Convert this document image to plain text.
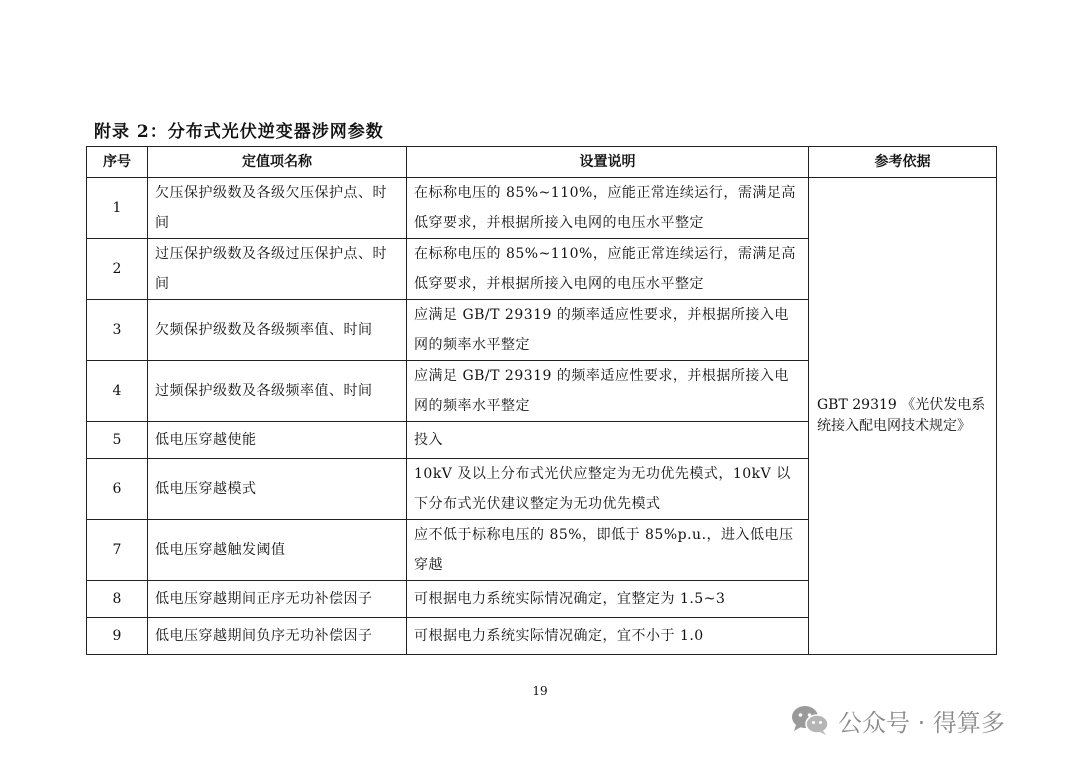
附录 2：分布式光伏逆变器涉网参数
序号	定值项名称	设置说明	参考依据
1	欠压保护级数及各级欠压保护点、时间	在标称电压的 85%~110%，应能正常连续运行，需满足高低穿要求，并根据所接入电网的电压水平整定	GBT 29319 《光伏发电系统接入配电网技术规定》
2	过压保护级数及各级过压保护点、时间	在标称电压的 85%~110%，应能正常连续运行，需满足高低穿要求，并根据所接入电网的电压水平整定	
3	欠频保护级数及各级频率值、时间	应满足 GB/T 29319 的频率适应性要求，并根据所接入电网的频率水平整定	
4	过频保护级数及各级频率值、时间	应满足 GB/T 29319 的频率适应性要求，并根据所接入电网的频率水平整定	
5	低电压穿越使能	投入	
6	低电压穿越模式	10kV 及以上分布式光伏应整定为无功优先模式，10kV 以下分布式光伏建议整定为无功优先模式	
7	低电压穿越触发阈值	应不低于标称电压的 85%，即低于 85%p.u.，进入低电压穿越	
8	低电压穿越期间正序无功补偿因子	可根据电力系统实际情况确定，宜整定为 1.5~3	
9	低电压穿越期间负序无功补偿因子	可根据电力系统实际情况确定，宜不小于 1.0	
19
公众号 · 得算多
